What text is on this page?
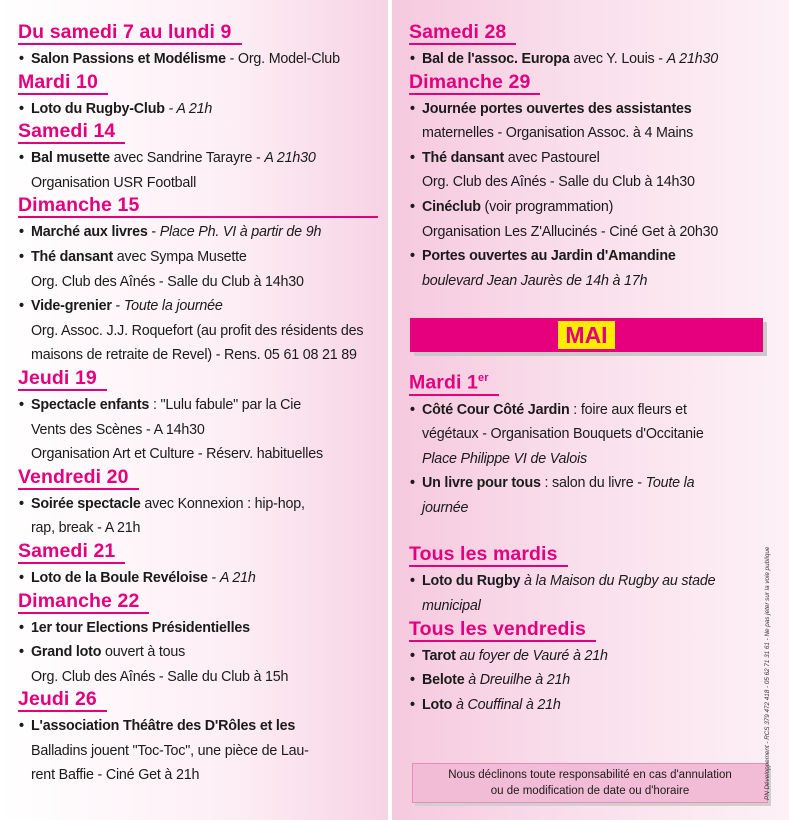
Du samedi 7 au lundi 9
• Salon Passions et Modélisme - Org. Model-Club
Mardi 10
• Loto du Rugby-Club - A 21h
Samedi 14
• Bal musette avec Sandrine Tarayre - A 21h30
Organisation USR Football
Dimanche 15
• Marché aux livres - Place Ph. VI à partir de 9h
• Thé dansant avec Sympa Musette
Org. Club des Aînés - Salle du Club à 14h30
• Vide-grenier - Toute la journée
Org. Assoc. J.J. Roquefort (au profit des résidents des
maisons de retraite de Revel) - Rens. 05 61 08 21 89
Jeudi 19
• Spectacle enfants : "Lulu fabule" par la Cie
Vents des Scènes - A 14h30
Organisation Art et Culture - Réserv. habituelles
Vendredi 20
• Soirée spectacle avec Konnexion : hip-hop,
rap, break - A 21h
Samedi 21
• Loto de la Boule Revéloise - A 21h
Dimanche 22
• 1er tour Elections Présidentielles
• Grand loto ouvert à tous
Org. Club des Aînés - Salle du Club à 15h
Jeudi 26
• L'association Théâtre des D'Rôles et les
Balladins jouent "Toc-Toc", une pièce de Lau-
rent Baffie - Ciné Get à 21h
Samedi 28
• Bal de l'assoc. Europa avec Y. Louis - A 21h30
Dimanche 29
• Journée portes ouvertes des assistantes
maternelles - Organisation Assoc. à 4 Mains
• Thé dansant avec Pastourel
Org. Club des Aînés - Salle du Club à 14h30
• Cinéclub (voir programmation)
Organisation Les Z'Allucinés - Ciné Get à 20h30
• Portes ouvertes au Jardin d'Amandine
boulevard Jean Jaurès de 14h à 17h
MAI
Mardi 1er
• Côté Cour Côté Jardin : foire aux fleurs et
végétaux - Organisation Bouquets d'Occitanie
Place Philippe VI de Valois
• Un livre pour tous : salon du livre - Toute la
journée
Tous les mardis
• Loto du Rugby à la Maison du Rugby au stade
municipal
Tous les vendredis
• Tarot au foyer de Vauré à 21h
• Belote à Dreuilhe à 21h
• Loto à Couffinal à 21h
Nous déclinons toute responsabilité en cas d'annulation
ou de modification de date ou d'horaire	PN Développement - RCS 379 472 418 - 05 62 71 31 61 - Ne pas jeter sur la voie publique
